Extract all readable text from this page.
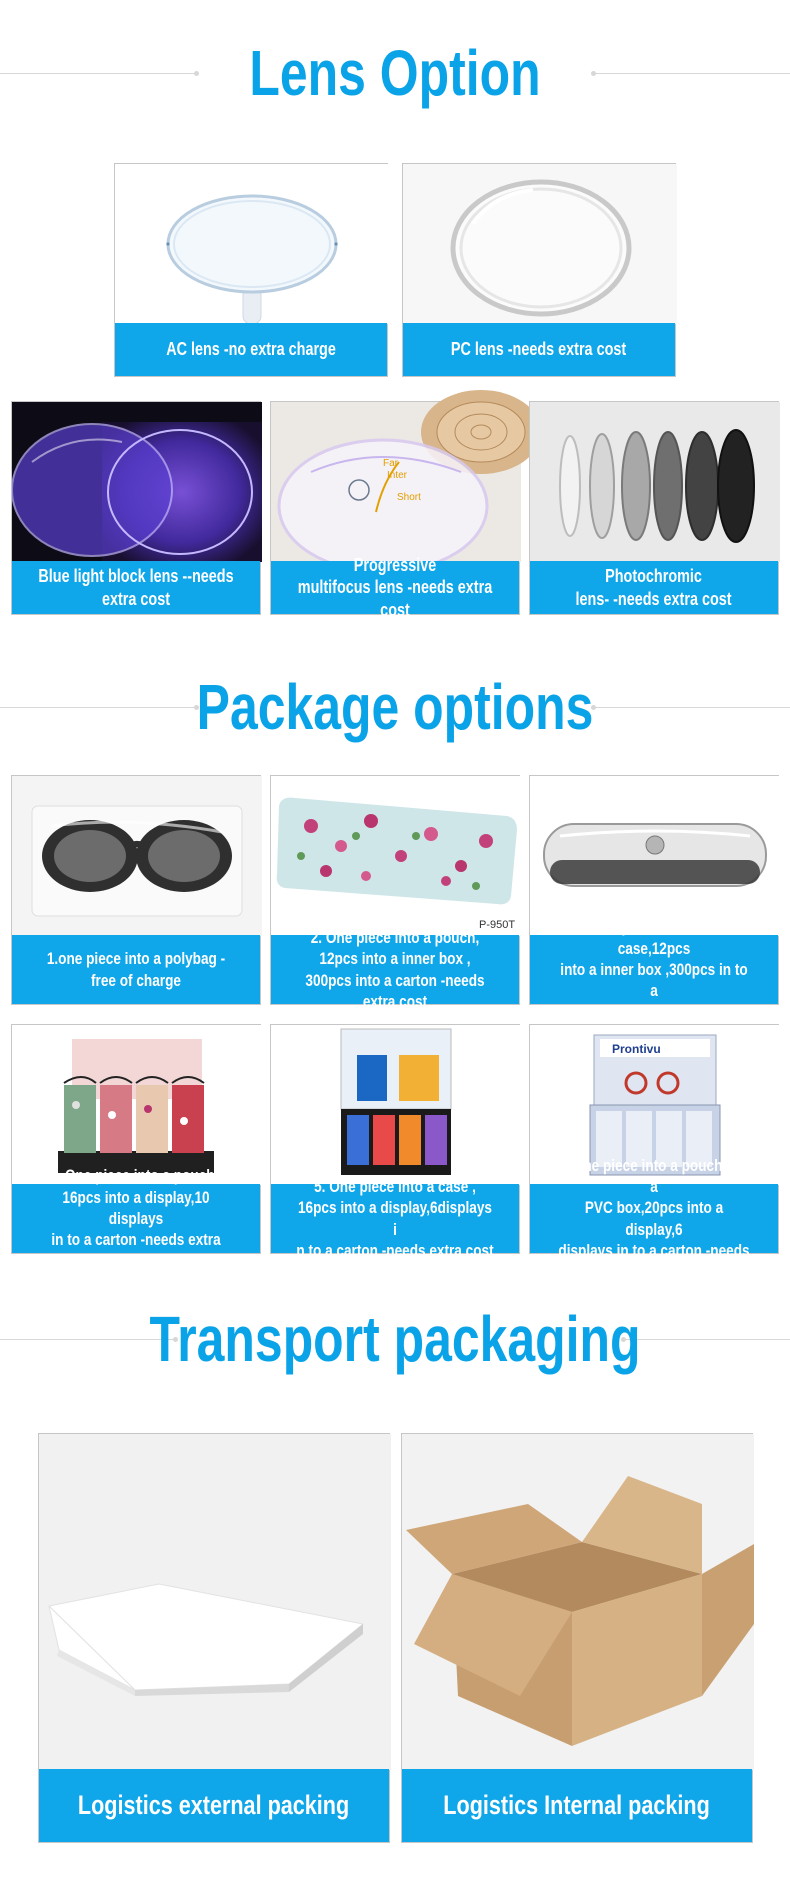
Lens Option
AC lens -no extra charge	PC lens -needs extra cost
Blue light block lens --needs extra cost
Far
Inter
Short
Progressive
multifocus lens -needs extra cost
Photochromic
lens- -needs extra cost
Package options
1.one piece into a polybag -free of charge
P-950T
2. One piece into a pouch,
12pcs into a inner box ,
300pcs into a carton -needs extra cost
3. One piece into a clear case,12pcs
into a inner box ,300pcs in to a
carton -needs extra cost
4. One piece into a pouch ,
16pcs into a display,10 displays
in to a carton -needs extra cost
5. One piece into a case ,
16pcs into a display,6displays i
n to a carton -needs extra cost
Prontivu
6. One piece into a pouch and a
PVC box,20pcs into a display,6
displays in to a carton -needs extra cost
Transport packaging
Logistics external packing	Logistics Internal packing
